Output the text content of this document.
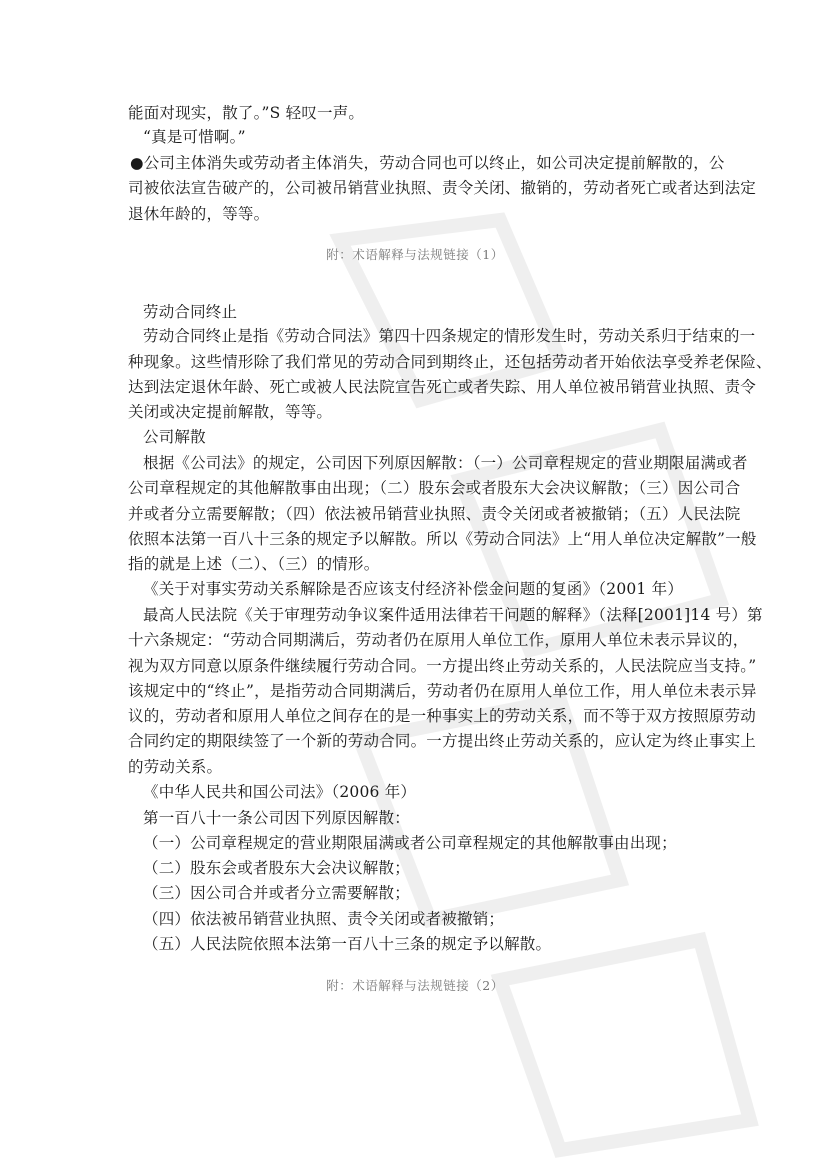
能面对现实，散了。”S 轻叹一声。
“真是可惜啊。”
●公司主体消失或劳动者主体消失，劳动合同也可以终止，如公司决定提前解散的，公
司被依法宣告破产的，公司被吊销营业执照、责令关闭、撤销的，劳动者死亡或者达到法定
退休年龄的，等等。
附：术语解释与法规链接（1）
劳动合同终止
劳动合同终止是指《劳动合同法》第四十四条规定的情形发生时，劳动关系归于结束的一
种现象。这些情形除了我们常见的劳动合同到期终止，还包括劳动者开始依法享受养老保险、
达到法定退休年龄、死亡或被人民法院宣告死亡或者失踪、用人单位被吊销营业执照、责令
关闭或决定提前解散，等等。
公司解散
根据《公司法》的规定，公司因下列原因解散：（一）公司章程规定的营业期限届满或者
公司章程规定的其他解散事由出现；（二）股东会或者股东大会决议解散；（三）因公司合
并或者分立需要解散；（四）依法被吊销营业执照、责令关闭或者被撤销；（五）人民法院
依照本法第一百八十三条的规定予以解散。所以《劳动合同法》上“用人单位决定解散”一般
指的就是上述（二）、（三）的情形。
《关于对事实劳动关系解除是否应该支付经济补偿金问题的复函》（2001 年）
最高人民法院《关于审理劳动争议案件适用法律若干问题的解释》（法释[2001]14 号）第
十六条规定：“劳动合同期满后，劳动者仍在原用人单位工作，原用人单位未表示异议的，
视为双方同意以原条件继续履行劳动合同。一方提出终止劳动关系的，人民法院应当支持。”
该规定中的“终止”，是指劳动合同期满后，劳动者仍在原用人单位工作，用人单位未表示异
议的，劳动者和原用人单位之间存在的是一种事实上的劳动关系，而不等于双方按照原劳动
合同约定的期限续签了一个新的劳动合同。一方提出终止劳动关系的，应认定为终止事实上
的劳动关系。
《中华人民共和国公司法》（2006 年）
第一百八十一条公司因下列原因解散：
（一）公司章程规定的营业期限届满或者公司章程规定的其他解散事由出现；
（二）股东会或者股东大会决议解散；
（三）因公司合并或者分立需要解散；
（四）依法被吊销营业执照、责令关闭或者被撤销；
（五）人民法院依照本法第一百八十三条的规定予以解散。
附：术语解释与法规链接（2）
